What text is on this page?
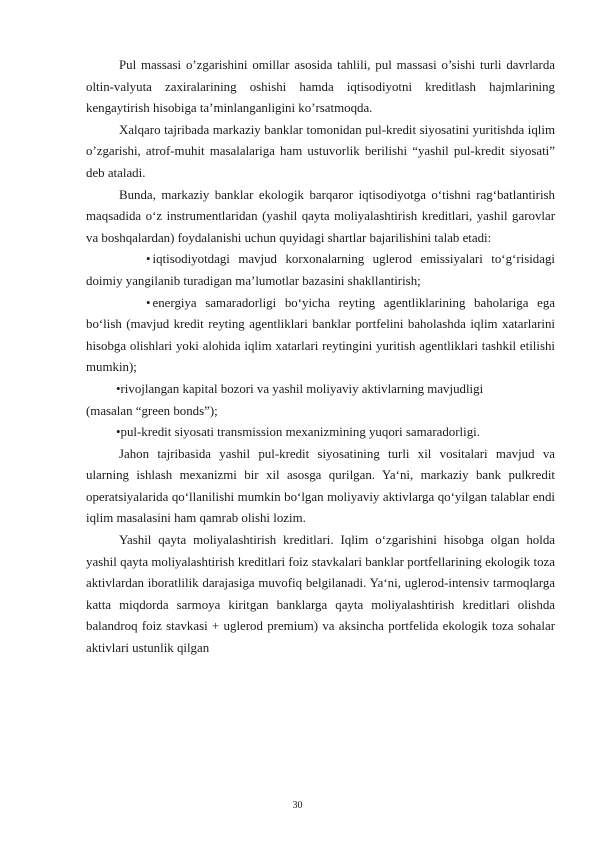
Pul massasi o’zgarishini omillar asosida tahlili, pul massasi o’sishi turli davrlarda oltin-valyuta zaxiralarining oshishi hamda iqtisodiyotni kreditlash hajmlarining kengaytirish hisobiga ta’minlanganligini ko’rsatmoqda.

Xalqaro tajribada markaziy banklar tomonidan pul-kredit siyosatini yuritishda iqlim o’zgarishi, atrof-muhit masalalariga ham ustuvorlik berilishi “yashil pul-kredit siyosati” deb ataladi.

Bunda, markaziy banklar ekologik barqaror iqtisodiyotga o‘tishni rag‘batlantirish maqsadida o‘z instrumentlaridan (yashil qayta moliyalashtirish kreditlari, yashil garovlar va boshqalardan) foydalanishi uchun quyidagi shartlar bajarilishini talab etadi:

• iqtisodiyotdagi mavjud korxonalarning uglerod emissiyalari to‘g‘risidagi doimiy yangilanib turadigan ma’lumotlar bazasini shakllantirish;

• energiya samaradorligi bo‘yicha reyting agentliklarining baholariga ega bo‘lish (mavjud kredit reyting agentliklari banklar portfelini baholashda iqlim xatarlarini hisobga olishlari yoki alohida iqlim xatarlari reytingini yuritish agentliklari tashkil etilishi mumkin);

•rivojlangan kapital bozori va yashil moliyaviy aktivlarning mavjudligi

(masalan “green bonds”);

•pul-kredit siyosati transmission mexanizmining yuqori samaradorligi.

Jahon tajribasida yashil pul-kredit siyosatining turli xil vositalari mavjud va ularning ishlash mexanizmi bir xil asosga qurilgan. Ya‘ni, markaziy bank pulkredit operatsiyalarida qo‘llanilishi mumkin bo‘lgan moliyaviy aktivlarga qo‘yilgan talablar endi iqlim masalasini ham qamrab olishi lozim.

Yashil qayta moliyalashtirish kreditlari. Iqlim o‘zgarishini hisobga olgan holda yashil qayta moliyalashtirish kreditlari foiz stavkalari banklar portfellarining ekologik toza aktivlardan iboratlilik darajasiga muvofiq belgilanadi. Ya‘ni, uglerod-intensiv tarmoqlarga katta miqdorda sarmoya kiritgan banklarga qayta moliyalashtirish kreditlari olishda balandroq foiz stavkasi + uglerod premium) va aksincha portfelida ekologik toza sohalar aktivlari ustunlik qilgan

30
